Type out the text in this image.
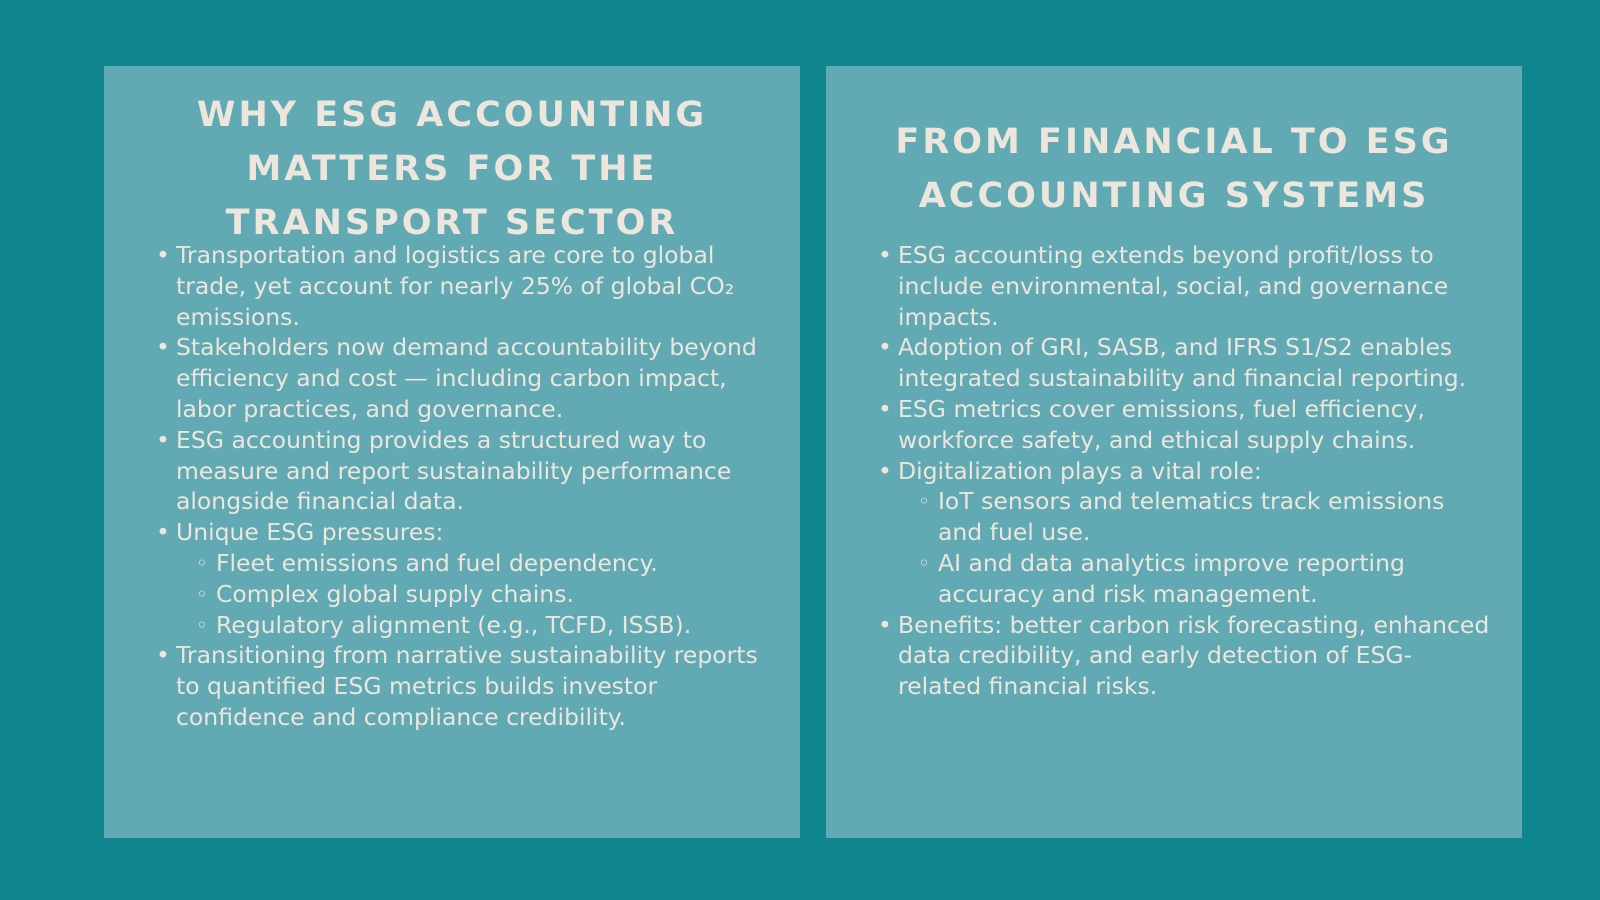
WHY ESG ACCOUNTING MATTERS FOR THE TRANSPORT SECTOR
• Transportation and logistics are core to global trade, yet account for nearly 25% of global CO₂ emissions.
• Stakeholders now demand accountability beyond efficiency and cost — including carbon impact, labor practices, and governance.
• ESG accounting provides a structured way to measure and report sustainability performance alongside financial data.
• Unique ESG pressures:
◦ Fleet emissions and fuel dependency.
◦ Complex global supply chains.
◦ Regulatory alignment (e.g., TCFD, ISSB).
• Transitioning from narrative sustainability reports to quantified ESG metrics builds investor confidence and compliance credibility.
FROM FINANCIAL TO ESG ACCOUNTING SYSTEMS
• ESG accounting extends beyond profit/loss to include environmental, social, and governance impacts.
• Adoption of GRI, SASB, and IFRS S1/S2 enables integrated sustainability and financial reporting.
• ESG metrics cover emissions, fuel efficiency, workforce safety, and ethical supply chains.
• Digitalization plays a vital role:
◦ IoT sensors and telematics track emissions and fuel use.
◦ AI and data analytics improve reporting accuracy and risk management.
• Benefits: better carbon risk forecasting, enhanced data credibility, and early detection of ESG-related financial risks.
